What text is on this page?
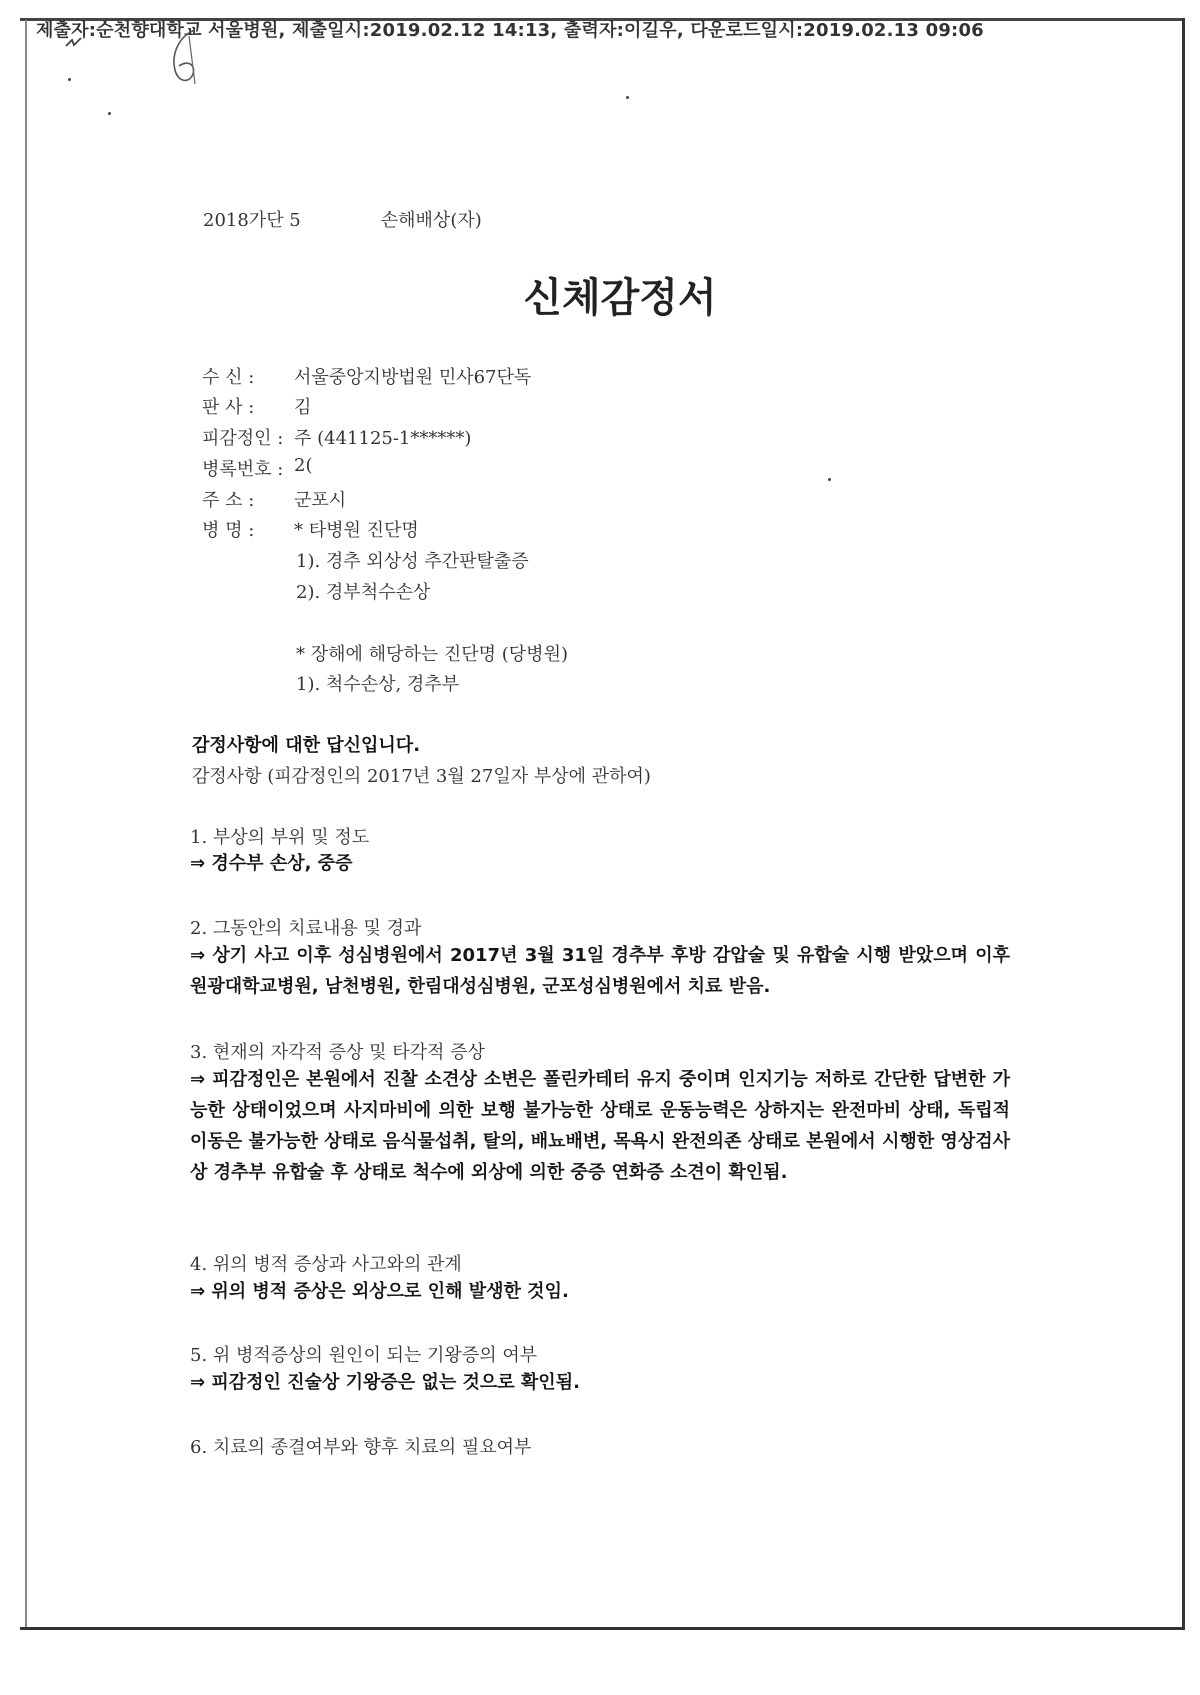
제출자:순천향대학교 서울병원, 제출일시:2019.02.12 14:13, 출력자:이길우, 다운로드일시:2019.02.13 09:06
2018가단 5	손해배상(자)
신체감정서
수 신 :	서울중앙지방법원 민사67단독
판 사 :	김
피감정인 : 주 (441125-1******)
병록번호 : 2(
주 소 :	군포시
병 명 :	* 타병원 진단명
1). 경추 외상성 추간판탈출증
2). 경부척수손상
* 장해에 해당하는 진단명 (당병원)
1). 척수손상, 경추부
감정사항에 대한 답신입니다.
감정사항 (피감정인의 2017년 3월 27일자 부상에 관하여)
1. 부상의 부위 및 정도
⇒ 경수부 손상, 중증
2. 그동안의 치료내용 및 경과
⇒ 상기 사고 이후 성심병원에서 2017년 3월 31일 경추부 후방 감압술 및 유합술 시행 받았으며 이후 원광대학교병원, 남천병원, 한림대성심병원, 군포성심병원에서 치료 받음.
3. 현재의 자각적 증상 및 타각적 증상
⇒ 피감정인은 본원에서 진찰 소견상 소변은 폴린카테터 유지 중이며 인지기능 저하로 간단한 답변한 가능한 상태이었으며 사지마비에 의한 보행 불가능한 상태로 운동능력은 상하지는 완전마비 상태, 독립적 이동은 불가능한 상태로 음식물섭취, 탈의, 배뇨배변, 목욕시 완전의존 상태로 본원에서 시행한 영상검사상 경추부 유합술 후 상태로 척수에 외상에 의한 중증 연화증 소견이 확인됨.
4. 위의 병적 증상과 사고와의 관계
⇒ 위의 병적 증상은 외상으로 인해 발생한 것임.
5. 위 병적증상의 원인이 되는 기왕증의 여부
⇒ 피감정인 진술상 기왕증은 없는 것으로 확인됨.
6. 치료의 종결여부와 향후 치료의 필요여부
